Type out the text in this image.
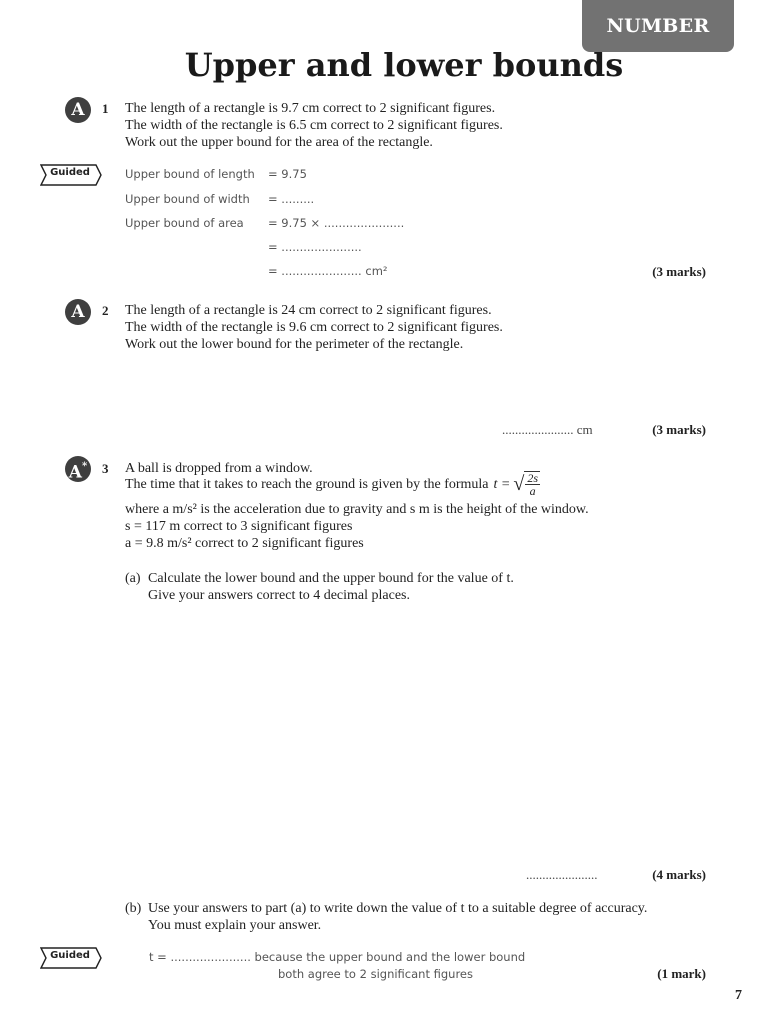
NUMBER
Upper and lower bounds
A	1 The length of a rectangle is 9.7 cm correct to 2 significant figures.
The width of the rectangle is 6.5 cm correct to 2 significant figures.
Work out the upper bound for the area of the rectangle.
Guided	Upper bound of length = 9.75
Upper bound of width = .........
Upper bound of area = 9.75 × ......................
= ......................
= ...................... cm²	(3 marks)
A	2 The length of a rectangle is 24 cm correct to 2 significant figures.
The width of the rectangle is 9.6 cm correct to 2 significant figures.
Work out the lower bound for the perimeter of the rectangle.
...................... cm	(3 marks)
A* 3 A ball is dropped from a window.
The time that it takes to reach the ground is given by the formula t = √ $\frac{2s}{a}$
where a m/s² is the acceleration due to gravity and s m is the height of the window.
s = 117 m correct to 3 significant figures
a = 9.8 m/s² correct to 2 significant figures
(a) Calculate the lower bound and the upper bound for the value of t.
Give your answers correct to 4 decimal places.
......................	(4 marks)
(b) Use your answers to part (a) to write down the value of t to a suitable degree of accuracy.
You must explain your answer.
Guided	t = ...................... because the upper bound and the lower bound
both agree to 2 significant figures	(1 mark)
7
